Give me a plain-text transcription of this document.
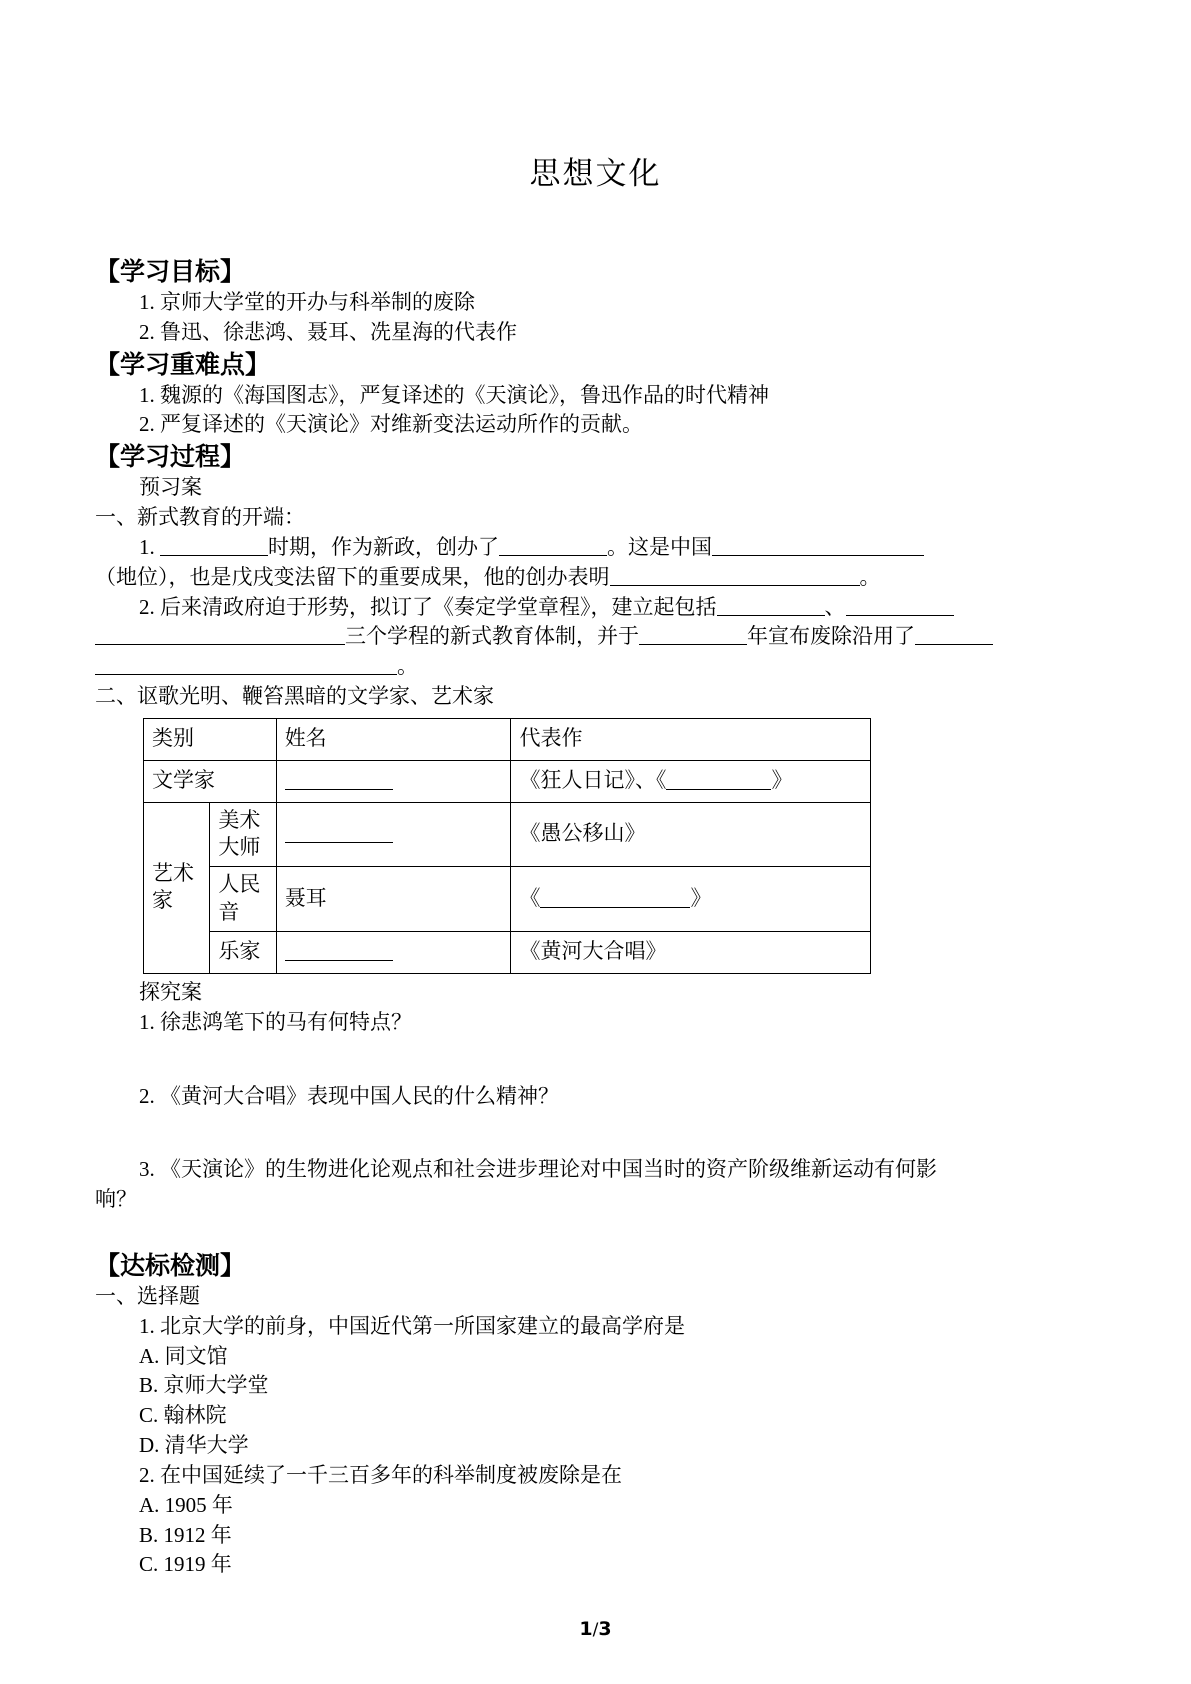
思想文化
【学习目标】
1. 京师大学堂的开办与科举制的废除
2. 鲁迅、徐悲鸿、聂耳、冼星海的代表作
【学习重难点】
1. 魏源的《海国图志》，严复译述的《天演论》，鲁迅作品的时代精神
2. 严复译述的《天演论》对维新变法运动所作的贡献。
【学习过程】
预习案
一、新式教育的开端：
1.	时期，作为新政，创办了	。这是中国
（地位），也是戊戌变法留下的重要成果，他的创办表明	。
2. 后来清政府迫于形势，拟订了《奏定学堂章程》，建立起包括	、
三个学程的新式教育体制，并于	年宣布废除沿用了
。
二、讴歌光明、鞭笞黑暗的文学家、艺术家
类别		姓名	代表作
文学家			《狂人日记》、《 》
艺术家	美术大师		《愚公移山》
	人民音	聂耳	《 》
	乐家		《黄河大合唱》
探究案
1. 徐悲鸿笔下的马有何特点？
2. 《黄河大合唱》表现中国人民的什么精神？
3. 《天演论》的生物进化论观点和社会进步理论对中国当时的资产阶级维新运动有何影
响？
【达标检测】
一、选择题
1. 北京大学的前身，中国近代第一所国家建立的最高学府是
A. 同文馆
B. 京师大学堂
C. 翰林院
D. 清华大学
2. 在中国延续了一千三百多年的科举制度被废除是在
A. 1905 年
B. 1912 年
C. 1919 年
1/3
